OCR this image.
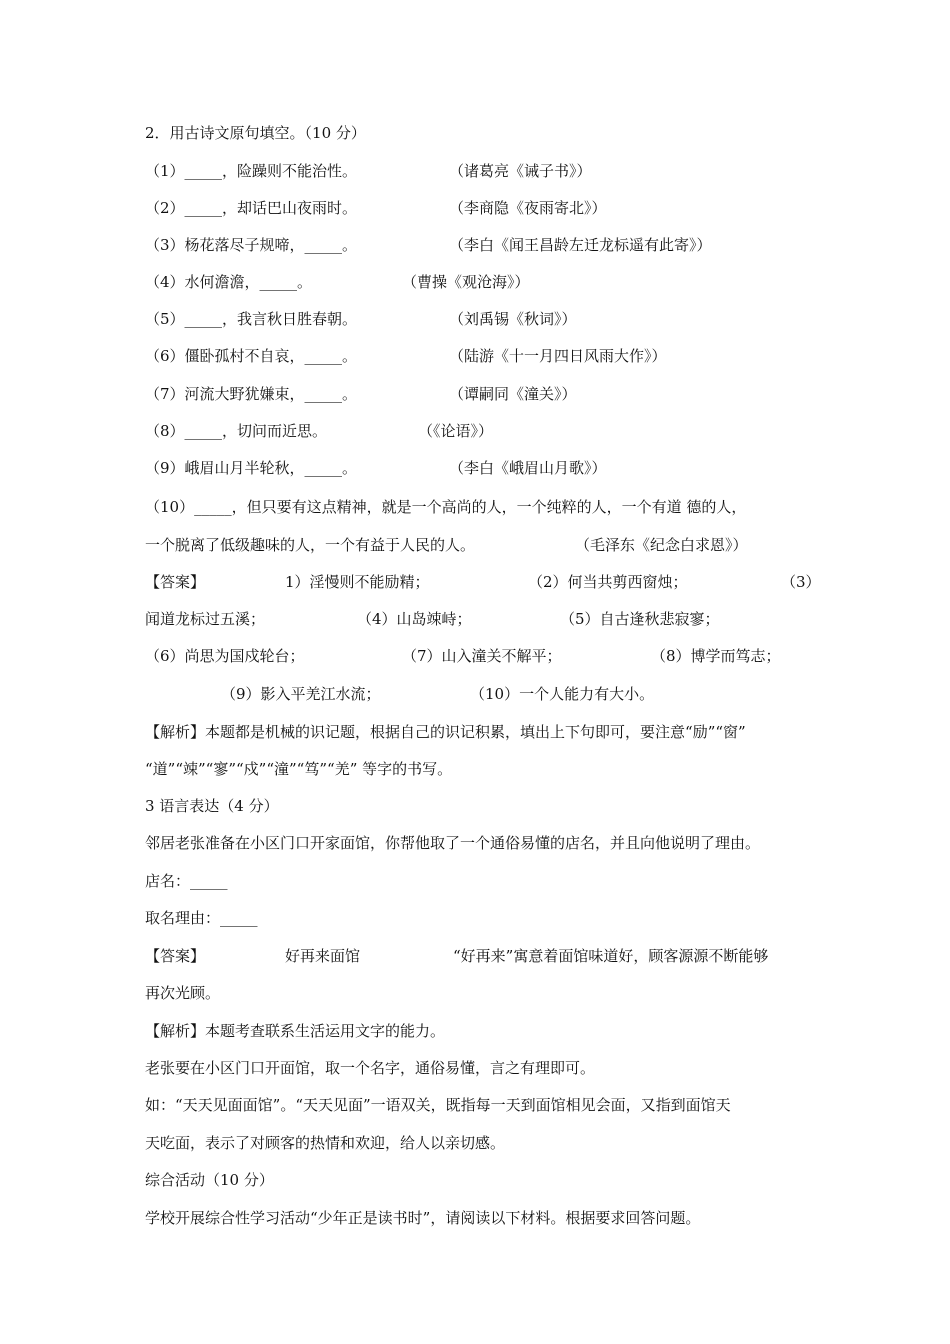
2．用古诗文原句填空。（10 分）
（1）_____，险躁则不能治性。	（诸葛亮《诫子书》）
（2）_____，却话巴山夜雨时。	（李商隐《夜雨寄北》）
（3）杨花落尽子规啼，_____。	（李白《闻王昌龄左迁龙标遥有此寄》）
（4）水何澹澹，_____。	（曹操《观沧海》）
（5）_____，我言秋日胜春朝。	（刘禹锡《秋词》）
（6）僵卧孤村不自哀，_____。	（陆游《十一月四日风雨大作》）
（7）河流大野犹嫌束，_____。	（谭嗣同《潼关》）
（8）_____，切问而近思。	（《论语》）
（9）峨眉山月半轮秋，_____。	（李白《峨眉山月歌》）
（10）_____，但只要有这点精神，就是一个高尚的人，一个纯粹的人，一个有道 德的人，
一个脱离了低级趣味的人，一个有益于人民的人。	（毛泽东《纪念白求恩》）
【答案】	1）淫慢则不能励精；	（2）何当共剪西窗烛；	（3）
闻道龙标过五溪；	（4）山岛竦峙；	（5）自古逢秋悲寂寥；
（6）尚思为国戍轮台；	（7）山入潼关不解平；	（8）博学而笃志；
（9）影入平羌江水流；	（10）一个人能力有大小。
【解析】本题都是机械的识记题，根据自己的识记积累，填出上下句即可，要注意“励”“窗”
“道”“竦”“寥”“戍”“潼”“笃”“羌” 等字的书写。
3 语言表达（4 分）
邻居老张准备在小区门口开家面馆，你帮他取了一个通俗易懂的店名，并且向他说明了理由。
店名：_____
取名理由：_____
【答案】	好再来面馆	“好再来”寓意着面馆味道好，顾客源源不断能够
再次光顾。
【解析】本题考查联系生活运用文字的能力。
老张要在小区门口开面馆，取一个名字，通俗易懂，言之有理即可。
如：“天天见面面馆”。“天天见面”一语双关，既指每一天到面馆相见会面，又指到面馆天
天吃面，表示了对顾客的热情和欢迎，给人以亲切感。
综合活动（10 分）
学校开展综合性学习活动“少年正是读书时”，请阅读以下材料。根据要求回答问题。
